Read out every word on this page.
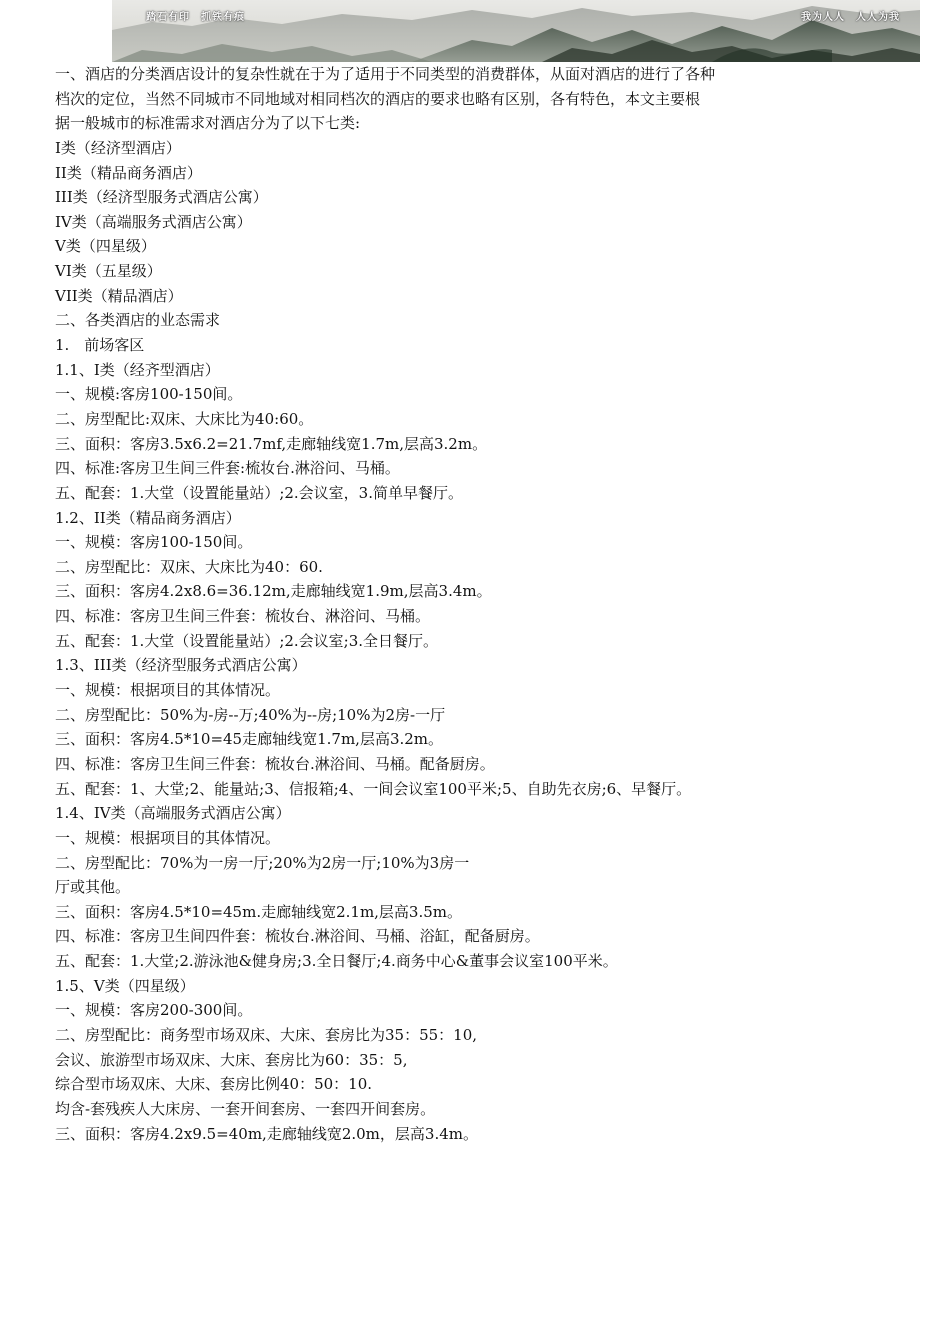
踏石有印　抓铁有痕	我为人人　人人为我
一、酒店的分类酒店设计的复杂性就在于为了适用于不同类型的消费群体，从面对酒店的进行了各种
档次的定位，当然不同城市不同地域对相同档次的酒店的要求也略有区别，各有特色，本文主要根
据一般城市的标准需求对酒店分为了以下七类:
I类（经济型酒店）
II类（精品商务酒店）
III类（经济型服务式酒店公寓）
IV类（高端服务式酒店公寓）
V类（四星级）
VI类（五星级）
VII类（精品酒店）
二、各类酒店的业态需求
1.　前场客区
1.1、I类（经齐型酒店）
一、规模:客房100-150间。
二、房型配比:双床、大床比为40:60。
三、面积：客房3.5x6.2=21.7mf,走廊轴线宽1.7m,层高3.2m。
四、标准:客房卫生间三件套:梳妆台.淋浴问、马桶。
五、配套：1.大堂（设置能量站）;2.会议室，3.简单早餐厅。
1.2、II类（精品商务酒店）
一、规模：客房100-150间。
二、房型配比：双床、大床比为40：60.
三、面积：客房4.2x8.6=36.12m,走廊轴线宽1.9m,层高3.4m。
四、标准：客房卫生间三件套：梳妆台、淋浴问、马桶。
五、配套：1.大堂（设置能量站）;2.会议室;3.全日餐厅。
1.3、III类（经济型服务式酒店公寓）
一、规模：根据项目的其体情况。
二、房型配比：50%为-房--万;40%为--房;10%为2房-一厅
三、面积：客房4.5*10=45走廊轴线宽1.7m,层高3.2m。
四、标准：客房卫生间三件套：梳妆台.淋浴间、马桶。配备厨房。
五、配套：1、大堂;2、能量站;3、信报箱;4、一间会议室100平米;5、自助先衣房;6、早餐厅。
1.4、IV类（高端服务式酒店公寓）
一、规模：根据项目的其体情况。
二、房型配比：70%为一房一厅;20%为2房一厅;10%为3房一
厅或其他。
三、面积：客房4.5*10=45m.走廊轴线宽2.1m,层高3.5m。
四、标准：客房卫生间四件套：梳妆台.淋浴间、马桶、浴缸，配备厨房。
五、配套：1.大堂;2.游泳池&健身房;3.全日餐厅;4.商务中心&董事会议室100平米。
1.5、V类（四星级）
一、规模：客房200-300间。
二、房型配比：商务型市场双床、大床、套房比为35：55：10,
会议、旅游型市场双床、大床、套房比为60：35：5,
综合型市场双床、大床、套房比例40：50：10.
均含-套残疾人大床房、一套开间套房、一套四开间套房。
三、面积：客房4.2x9.5=40m,走廊轴线宽2.0m，层高3.4m。
